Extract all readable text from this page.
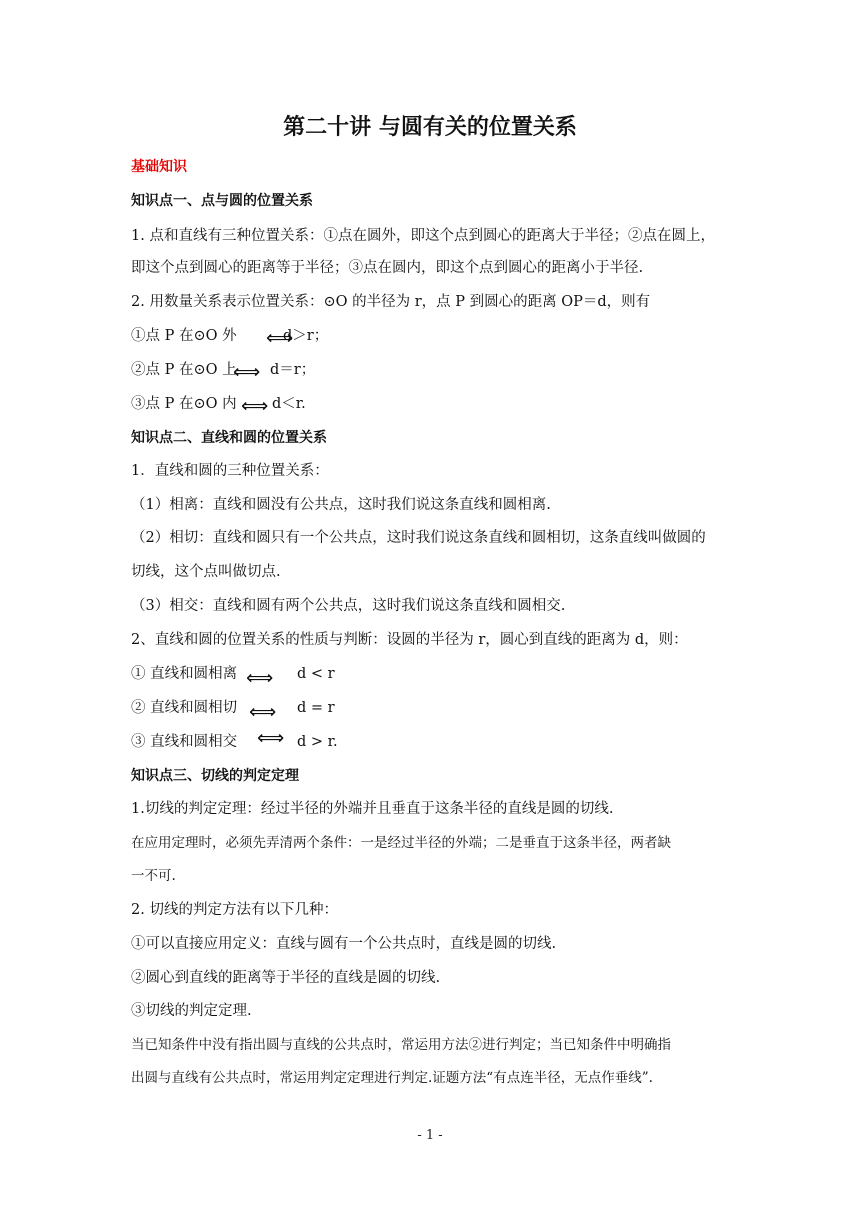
第二十讲 与圆有关的位置关系
基础知识
知识点一、点与圆的位置关系
1. 点和直线有三种位置关系：①点在圆外，即这个点到圆心的距离大于半径；②点在圆上，
即这个点到圆心的距离等于半径；③点在圆内，即这个点到圆心的距离小于半径.
2. 用数量关系表示位置关系：⊙O 的半径为 r，点 P 到圆心的距离 OP＝d，则有
①点 P 在⊙O 外 ⟺
d＞r；
②点 P 在⊙O 上
⟺ d＝r；
③点 P 在⊙O 内 ⟺ d＜r.
知识点二、直线和圆的位置关系
1．直线和圆的三种位置关系：
（1）相离：直线和圆没有公共点，这时我们说这条直线和圆相离.
（2）相切：直线和圆只有一个公共点，这时我们说这条直线和圆相切，这条直线叫做圆的
切线，这个点叫做切点.
（3）相交：直线和圆有两个公共点，这时我们说这条直线和圆相交.
2、直线和圆的位置关系的性质与判断：设圆的半径为 r，圆心到直线的距离为 d，则：
① 直线和圆相离 ⟺ d < r
② 直线和圆相切 ⟺ d = r
③ 直线和圆相交 ⟺ d > r.
知识点三、切线的判定定理
1.切线的判定定理：经过半径的外端并且垂直于这条半径的直线是圆的切线.
在应用定理时，必须先弄清两个条件：一是经过半径的外端；二是垂直于这条半径，两者缺
一不可.
2. 切线的判定方法有以下几种：
①可以直接应用定义：直线与圆有一个公共点时，直线是圆的切线.
②圆心到直线的距离等于半径的直线是圆的切线.
③切线的判定定理.
当已知条件中没有指出圆与直线的公共点时，常运用方法②进行判定；当已知条件中明确指
出圆与直线有公共点时，常运用判定定理进行判定.证题方法“有点连半径，无点作垂线”.
- 1 -
